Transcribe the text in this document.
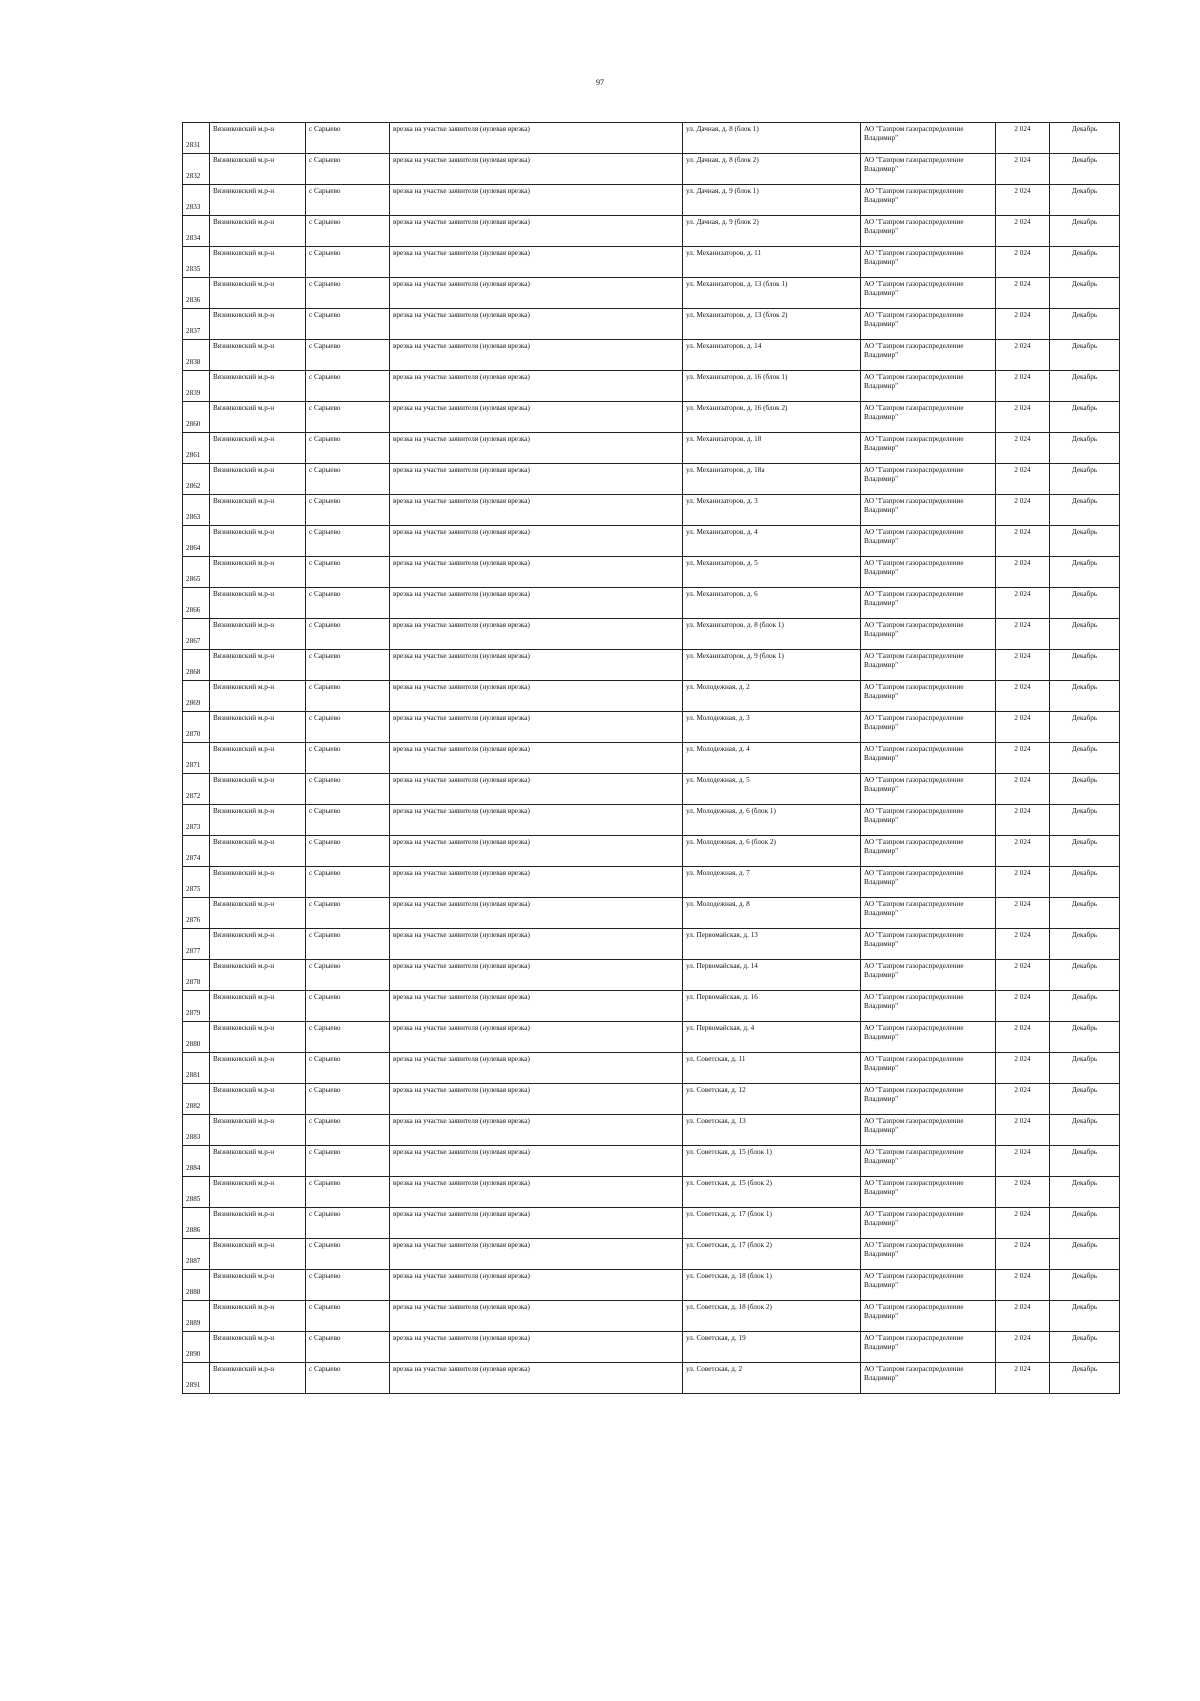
97
2831	Вязниковский м.р-н	с Сарыево	врезка на участке заявителя (нулевая врезка)	ул. Дачная, д. 8 (блок 1)	АО "Газпром газораспределение Владимир"	2 024	Декабрь
2832	Вязниковский м.р-н	с Сарыево	врезка на участке заявителя (нулевая врезка)	ул. Дачная, д. 8 (блок 2)	АО "Газпром газораспределение Владимир"	2 024	Декабрь
2833	Вязниковский м.р-н	с Сарыево	врезка на участке заявителя (нулевая врезка)	ул. Дачная, д. 9 (блок 1)	АО "Газпром газораспределение Владимир"	2 024	Декабрь
2834	Вязниковский м.р-н	с Сарыево	врезка на участке заявителя (нулевая врезка)	ул. Дачная, д. 9 (блок 2)	АО "Газпром газораспределение Владимир"	2 024	Декабрь
2835	Вязниковский м.р-н	с Сарыево	врезка на участке заявителя (нулевая врезка)	ул. Механизаторов, д. 11	АО "Газпром газораспределение Владимир"	2 024	Декабрь
2836	Вязниковский м.р-н	с Сарыево	врезка на участке заявителя (нулевая врезка)	ул. Механизаторов, д. 13 (блок 1)	АО "Газпром газораспределение Владимир"	2 024	Декабрь
2837	Вязниковский м.р-н	с Сарыево	врезка на участке заявителя (нулевая врезка)	ул. Механизаторов, д. 13 (блок 2)	АО "Газпром газораспределение Владимир"	2 024	Декабрь
2838	Вязниковский м.р-н	с Сарыево	врезка на участке заявителя (нулевая врезка)	ул. Механизаторов, д. 14	АО "Газпром газораспределение Владимир"	2 024	Декабрь
2839	Вязниковский м.р-н	с Сарыево	врезка на участке заявителя (нулевая врезка)	ул. Механизаторов, д. 16 (блок 1)	АО "Газпром газораспределение Владимир"	2 024	Декабрь
2860	Вязниковский м.р-н	с Сарыево	врезка на участке заявителя (нулевая врезка)	ул. Механизаторов, д. 16 (блок 2)	АО "Газпром газораспределение Владимир"	2 024	Декабрь
2861	Вязниковский м.р-н	с Сарыево	врезка на участке заявителя (нулевая врезка)	ул. Механизаторов, д. 18	АО "Газпром газораспределение Владимир"	2 024	Декабрь
2862	Вязниковский м.р-н	с Сарыево	врезка на участке заявителя (нулевая врезка)	ул. Механизаторов, д. 18а	АО "Газпром газораспределение Владимир"	2 024	Декабрь
2863	Вязниковский м.р-н	с Сарыево	врезка на участке заявителя (нулевая врезка)	ул. Механизаторов, д. 3	АО "Газпром газораспределение Владимир"	2 024	Декабрь
2864	Вязниковский м.р-н	с Сарыево	врезка на участке заявителя (нулевая врезка)	ул. Механизаторов, д. 4	АО "Газпром газораспределение Владимир"	2 024	Декабрь
2865	Вязниковский м.р-н	с Сарыево	врезка на участке заявителя (нулевая врезка)	ул. Механизаторов, д. 5	АО "Газпром газораспределение Владимир"	2 024	Декабрь
2866	Вязниковский м.р-н	с Сарыево	врезка на участке заявителя (нулевая врезка)	ул. Механизаторов, д. 6	АО "Газпром газораспределение Владимир"	2 024	Декабрь
2867	Вязниковский м.р-н	с Сарыево	врезка на участке заявителя (нулевая врезка)	ул. Механизаторов, д. 8 (блок 1)	АО "Газпром газораспределение Владимир"	2 024	Декабрь
2868	Вязниковский м.р-н	с Сарыево	врезка на участке заявителя (нулевая врезка)	ул. Механизаторов, д. 9 (блок 1)	АО "Газпром газораспределение Владимир"	2 024	Декабрь
2869	Вязниковский м.р-н	с Сарыево	врезка на участке заявителя (нулевая врезка)	ул. Молодежная, д. 2	АО "Газпром газораспределение Владимир"	2 024	Декабрь
2870	Вязниковский м.р-н	с Сарыево	врезка на участке заявителя (нулевая врезка)	ул. Молодежная, д. 3	АО "Газпром газораспределение Владимир"	2 024	Декабрь
2871	Вязниковский м.р-н	с Сарыево	врезка на участке заявителя (нулевая врезка)	ул. Молодежная, д. 4	АО "Газпром газораспределение Владимир"	2 024	Декабрь
2872	Вязниковский м.р-н	с Сарыево	врезка на участке заявителя (нулевая врезка)	ул. Молодежная, д. 5	АО "Газпром газораспределение Владимир"	2 024	Декабрь
2873	Вязниковский м.р-н	с Сарыево	врезка на участке заявителя (нулевая врезка)	ул. Молодежная, д. 6 (блок 1)	АО "Газпром газораспределение Владимир"	2 024	Декабрь
2874	Вязниковский м.р-н	с Сарыево	врезка на участке заявителя (нулевая врезка)	ул. Молодежная, д. 6 (блок 2)	АО "Газпром газораспределение Владимир"	2 024	Декабрь
2875	Вязниковский м.р-н	с Сарыево	врезка на участке заявителя (нулевая врезка)	ул. Молодежная, д. 7	АО "Газпром газораспределение Владимир"	2 024	Декабрь
2876	Вязниковский м.р-н	с Сарыево	врезка на участке заявителя (нулевая врезка)	ул. Молодежная, д. 8	АО "Газпром газораспределение Владимир"	2 024	Декабрь
2877	Вязниковский м.р-н	с Сарыево	врезка на участке заявителя (нулевая врезка)	ул. Первомайская, д. 13	АО "Газпром газораспределение Владимир"	2 024	Декабрь
2878	Вязниковский м.р-н	с Сарыево	врезка на участке заявителя (нулевая врезка)	ул. Первомайская, д. 14	АО "Газпром газораспределение Владимир"	2 024	Декабрь
2879	Вязниковский м.р-н	с Сарыево	врезка на участке заявителя (нулевая врезка)	ул. Первомайская, д. 16	АО "Газпром газораспределение Владимир"	2 024	Декабрь
2880	Вязниковский м.р-н	с Сарыево	врезка на участке заявителя (нулевая врезка)	ул. Первомайская, д. 4	АО "Газпром газораспределение Владимир"	2 024	Декабрь
2881	Вязниковский м.р-н	с Сарыево	врезка на участке заявителя (нулевая врезка)	ул. Советская, д. 11	АО "Газпром газораспределение Владимир"	2 024	Декабрь
2882	Вязниковский м.р-н	с Сарыево	врезка на участке заявителя (нулевая врезка)	ул. Советская, д. 12	АО "Газпром газораспределение Владимир"	2 024	Декабрь
2883	Вязниковский м.р-н	с Сарыево	врезка на участке заявителя (нулевая врезка)	ул. Советская, д. 13	АО "Газпром газораспределение Владимир"	2 024	Декабрь
2884	Вязниковский м.р-н	с Сарыево	врезка на участке заявителя (нулевая врезка)	ул. Советская, д. 15 (блок 1)	АО "Газпром газораспределение Владимир"	2 024	Декабрь
2885	Вязниковский м.р-н	с Сарыево	врезка на участке заявителя (нулевая врезка)	ул. Советская, д. 15 (блок 2)	АО "Газпром газораспределение Владимир"	2 024	Декабрь
2886	Вязниковский м.р-н	с Сарыево	врезка на участке заявителя (нулевая врезка)	ул. Советская, д. 17 (блок 1)	АО "Газпром газораспределение Владимир"	2 024	Декабрь
2887	Вязниковский м.р-н	с Сарыево	врезка на участке заявителя (нулевая врезка)	ул. Советская, д. 17 (блок 2)	АО "Газпром газораспределение Владимир"	2 024	Декабрь
2888	Вязниковский м.р-н	с Сарыево	врезка на участке заявителя (нулевая врезка)	ул. Советская, д. 18 (блок 1)	АО "Газпром газораспределение Владимир"	2 024	Декабрь
2889	Вязниковский м.р-н	с Сарыево	врезка на участке заявителя (нулевая врезка)	ул. Советская, д. 18 (блок 2)	АО "Газпром газораспределение Владимир"	2 024	Декабрь
2890	Вязниковский м.р-н	с Сарыево	врезка на участке заявителя (нулевая врезка)	ул. Советская, д. 19	АО "Газпром газораспределение Владимир"	2 024	Декабрь
2891	Вязниковский м.р-н	с Сарыево	врезка на участке заявителя (нулевая врезка)	ул. Советская, д. 2	АО "Газпром газораспределение Владимир"	2 024	Декабрь
